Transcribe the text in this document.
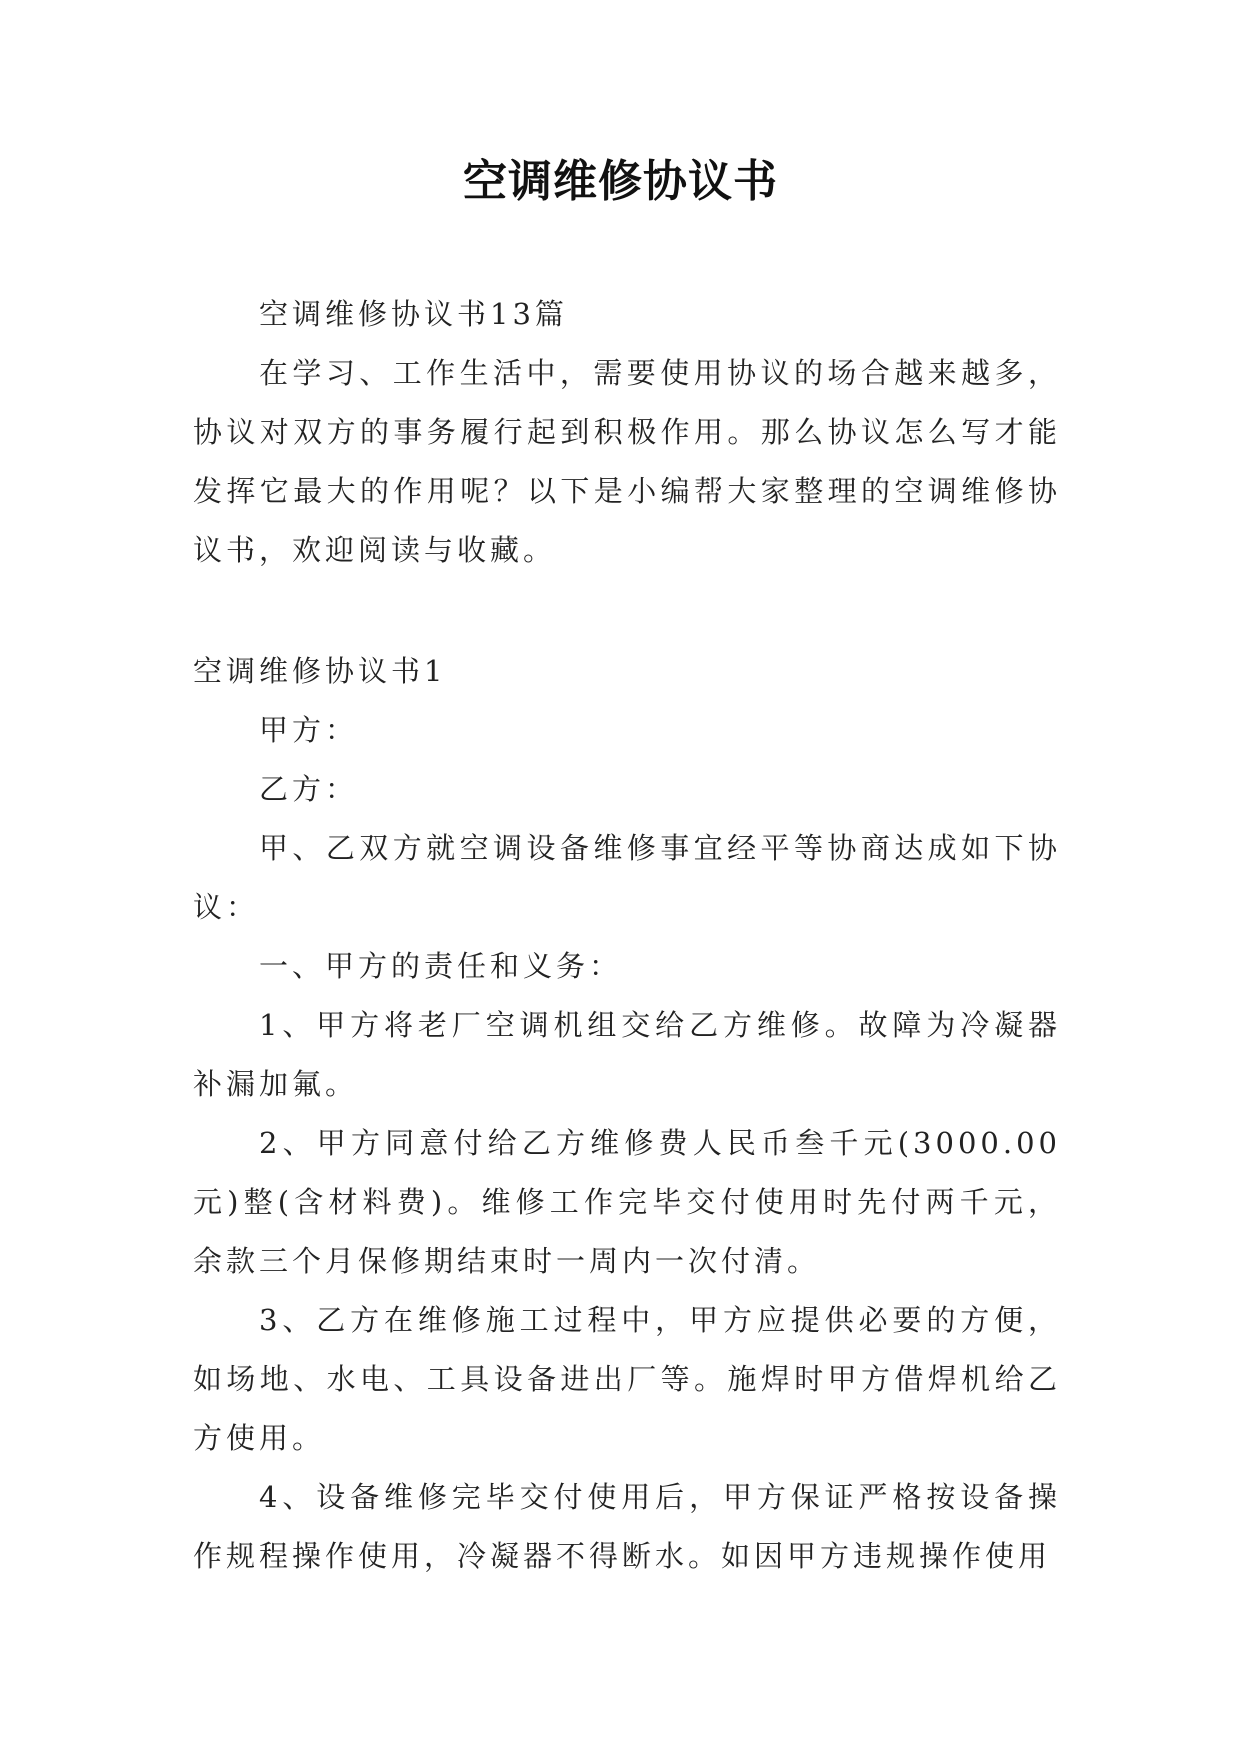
空调维修协议书

空调维修协议书13篇

在学习、工作生活中，需要使用协议的场合越来越多，协议对双方的事务履行起到积极作用。那么协议怎么写才能发挥它最大的作用呢？以下是小编帮大家整理的空调维修协议书，欢迎阅读与收藏。

空调维修协议书1

甲方：

乙方：

甲、乙双方就空调设备维修事宜经平等协商达成如下协议：

一、甲方的责任和义务：

1、甲方将老厂空调机组交给乙方维修。故障为冷凝器补漏加氟。

2、甲方同意付给乙方维修费人民币叁千元(3000.00元)整(含材料费)。维修工作完毕交付使用时先付两千元，余款三个月保修期结束时一周内一次付清。

3、乙方在维修施工过程中，甲方应提供必要的方便，如场地、水电、工具设备进出厂等。施焊时甲方借焊机给乙方使用。

4、设备维修完毕交付使用后，甲方保证严格按设备操作规程操作使用，冷凝器不得断水。如因甲方违规操作使用
